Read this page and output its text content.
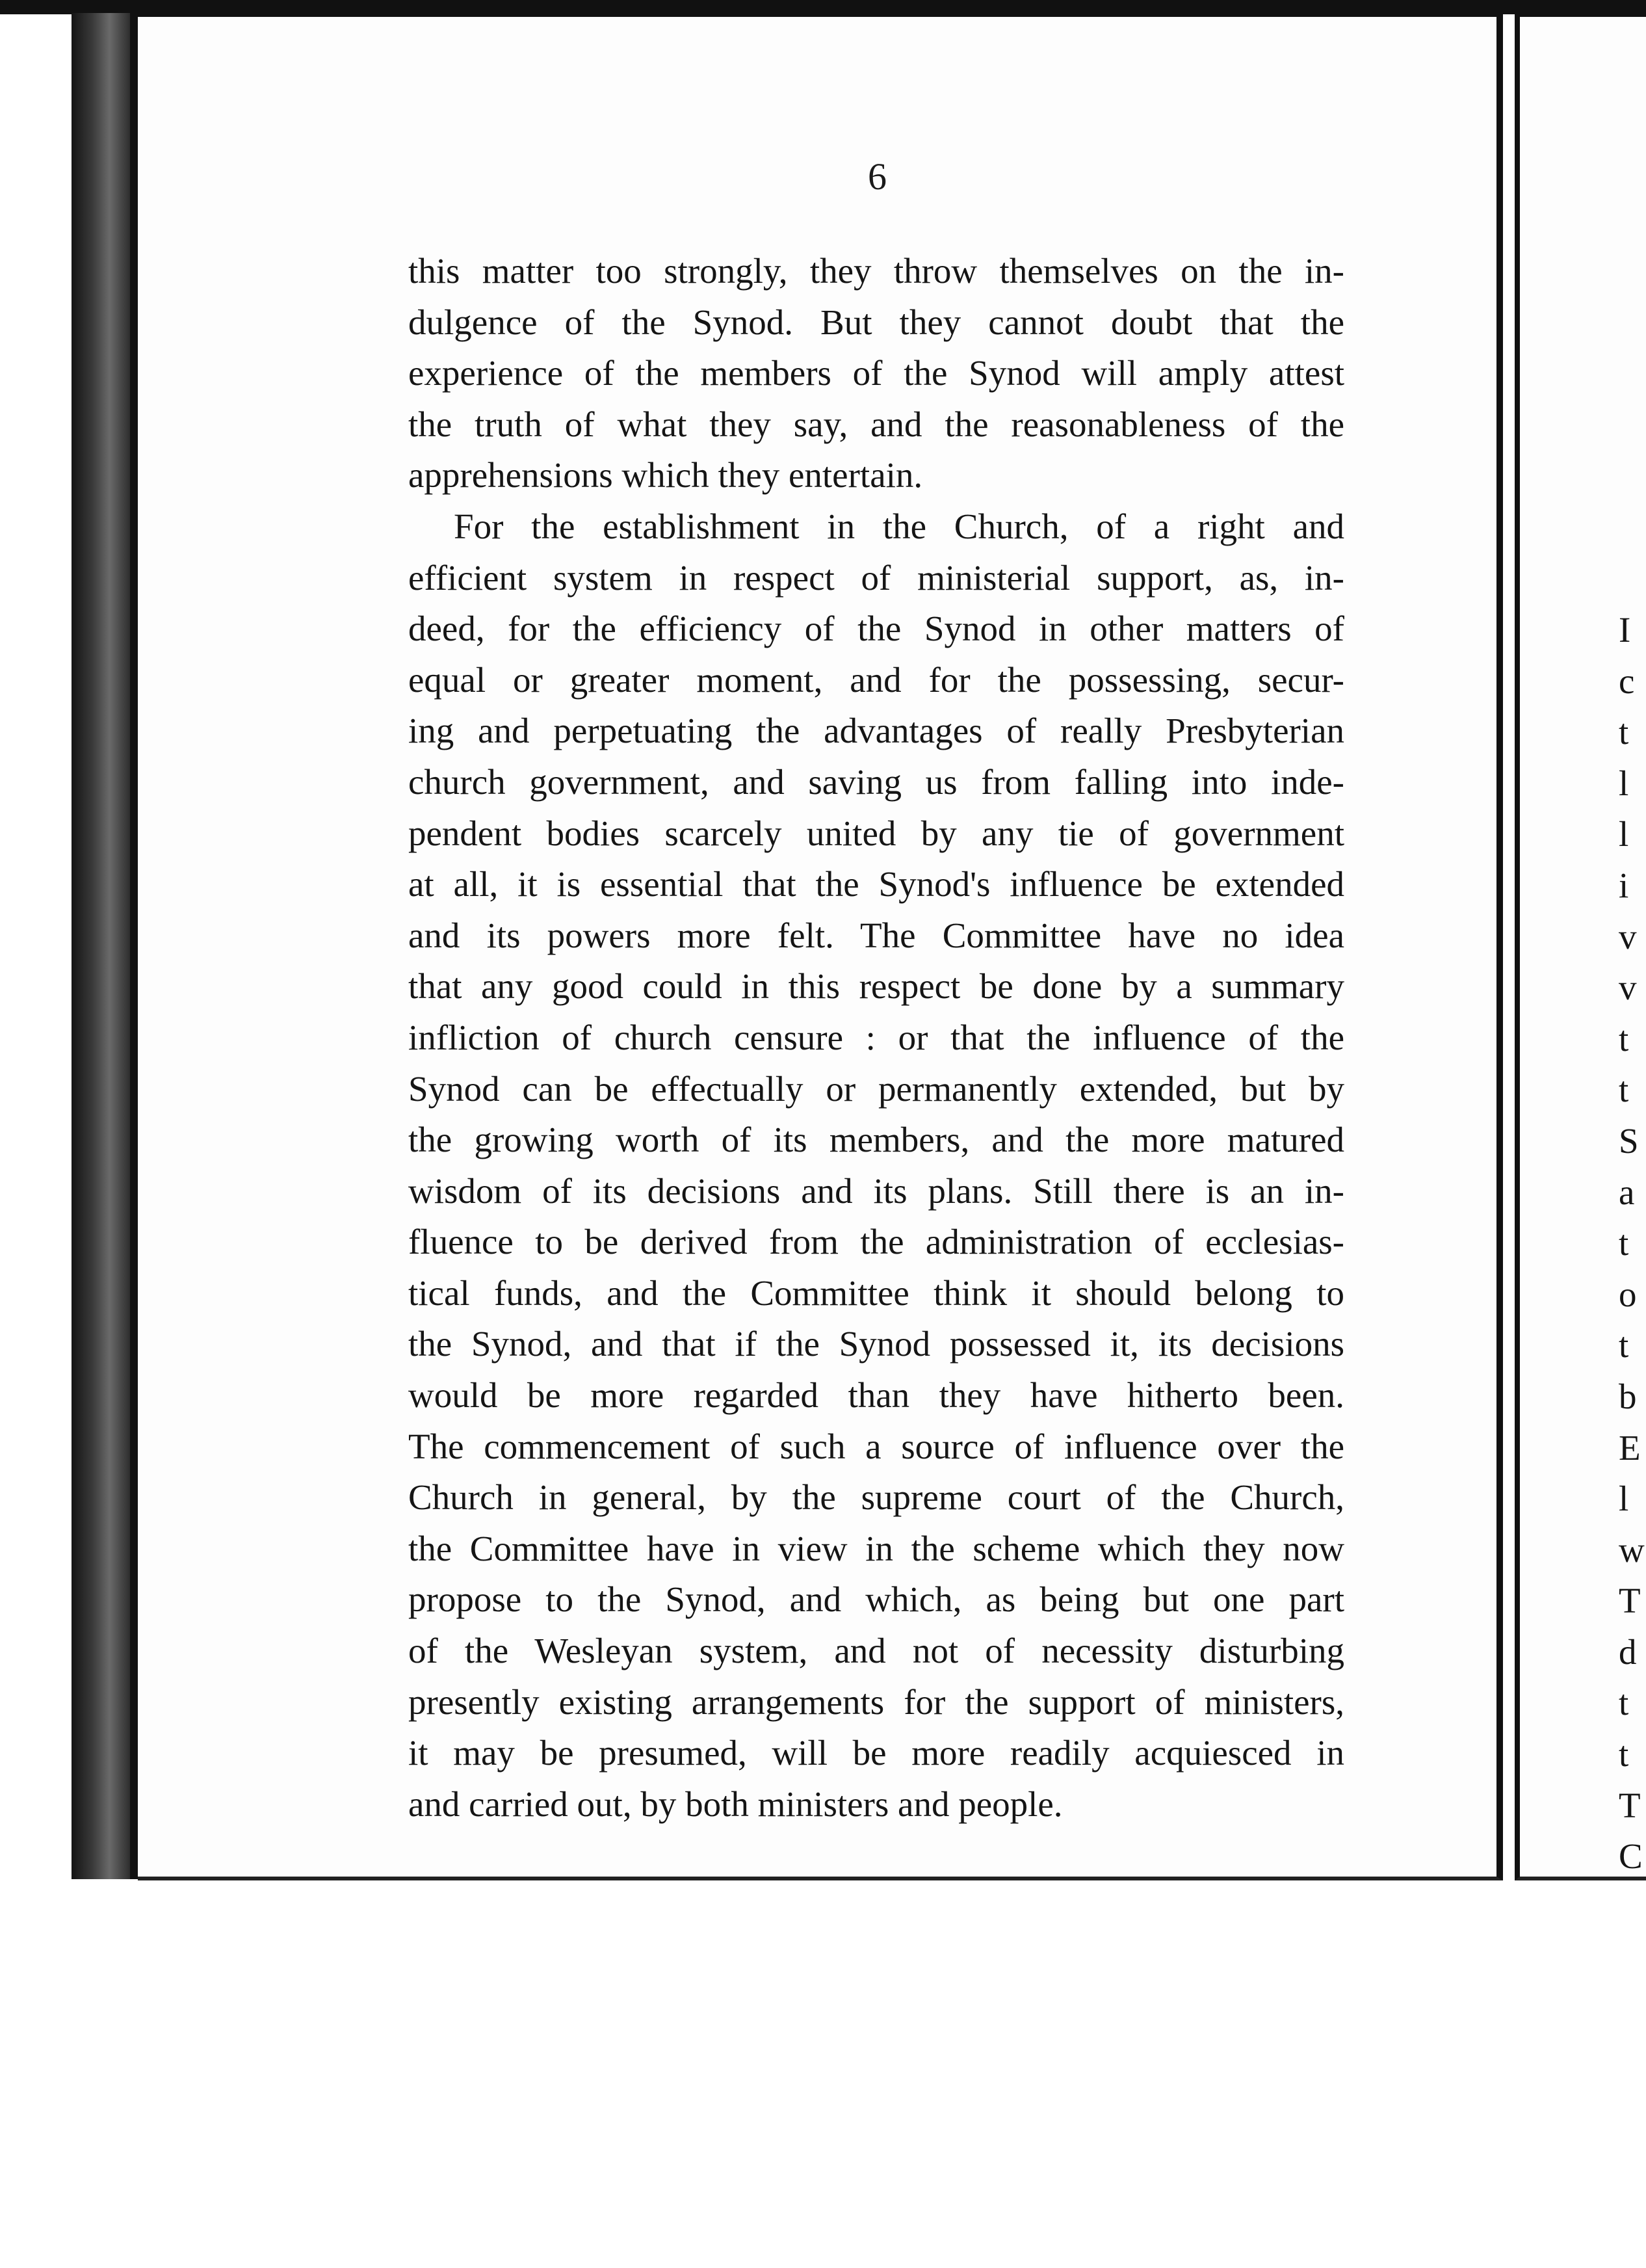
6
this matter too strongly, they throw themselves on the in-
dulgence of the Synod. But they cannot doubt that the
experience of the members of the Synod will amply attest
the truth of what they say, and the reasonableness of the
apprehensions which they entertain.
For the establishment in the Church, of a right and
efficient system in respect of ministerial support, as, in-
deed, for the efficiency of the Synod in other matters of
equal or greater moment, and for the possessing, secur-
ing and perpetuating the advantages of really Presbyterian
church government, and saving us from falling into inde-
pendent bodies scarcely united by any tie of government
at all, it is essential that the Synod's influence be extended
and its powers more felt. The Committee have no idea
that any good could in this respect be done by a summary
infliction of church censure : or that the influence of the
Synod can be effectually or permanently extended, but by
the growing worth of its members, and the more matured
wisdom of its decisions and its plans. Still there is an in-
fluence to be derived from the administration of ecclesias-
tical funds, and the Committee think it should belong to
the Synod, and that if the Synod possessed it, its decisions
would be more regarded than they have hitherto been.
The commencement of such a source of influence over the
Church in general, by the supreme court of the Church,
the Committee have in view in the scheme which they now
propose to the Synod, and which, as being but one part
of the Wesleyan system, and not of necessity disturbing
presently existing arrangements for the support of ministers,
it may be presumed, will be more readily acquiesced in
and carried out, by both ministers and people.
I
c
t
l
l
i
v
v
t
t
S
a
t
o
t
b
E
l
w
T
d
t
t
T
C
